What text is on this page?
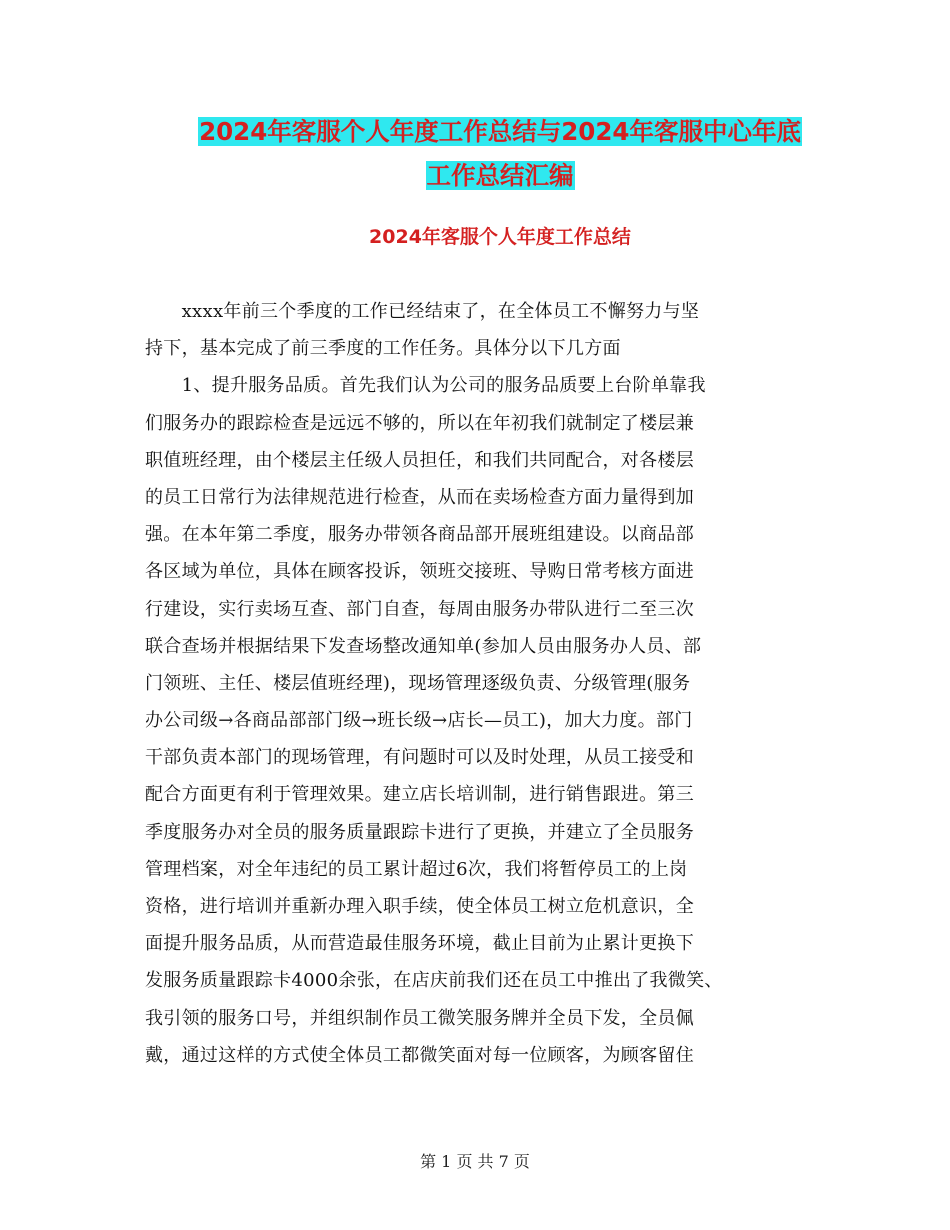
2024年客服个人年度工作总结与2024年客服中心年底
工作总结汇编
2024年客服个人年度工作总结
　　xxxx年前三个季度的工作已经结束了，在全体员工不懈努力与坚
持下，基本完成了前三季度的工作任务。具体分以下几方面
　　1、提升服务品质。首先我们认为公司的服务品质要上台阶单靠我
们服务办的跟踪检查是远远不够的，所以在年初我们就制定了楼层兼
职值班经理，由个楼层主任级人员担任，和我们共同配合，对各楼层
的员工日常行为法律规范进行检查，从而在卖场检查方面力量得到加
强。在本年第二季度，服务办带领各商品部开展班组建设。以商品部
各区域为单位，具体在顾客投诉，领班交接班、导购日常考核方面进
行建设，实行卖场互查、部门自查，每周由服务办带队进行二至三次
联合查场并根据结果下发查场整改通知单(参加人员由服务办人员、部
门领班、主任、楼层值班经理)，现场管理逐级负责、分级管理(服务
办公司级→各商品部部门级→班长级→店长—员工)，加大力度。部门
干部负责本部门的现场管理，有问题时可以及时处理，从员工接受和
配合方面更有利于管理效果。建立店长培训制，进行销售跟进。第三
季度服务办对全员的服务质量跟踪卡进行了更换，并建立了全员服务
管理档案，对全年违纪的员工累计超过6次，我们将暂停员工的上岗
资格，进行培训并重新办理入职手续，使全体员工树立危机意识，全
面提升服务品质，从而营造最佳服务环境，截止目前为止累计更换下
发服务质量跟踪卡4000余张，在店庆前我们还在员工中推出了我微笑、
我引领的服务口号，并组织制作员工微笑服务牌并全员下发，全员佩
戴，通过这样的方式使全体员工都微笑面对每一位顾客，为顾客留住
第 1 页 共 7 页
